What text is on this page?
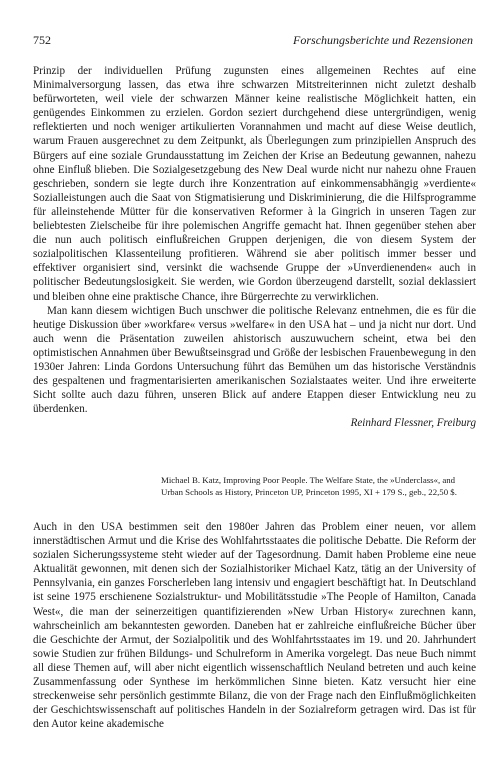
752	Forschungsberichte und Rezensionen

Prinzip der individuellen Prüfung zugunsten eines allgemeinen Rechtes auf eine Minimalversorgung lassen, das etwa ihre schwarzen Mitstreiterinnen nicht zuletzt deshalb befürworteten, weil viele der schwarzen Männer keine realistische Möglichkeit hatten, ein genügendes Einkommen zu erzielen. Gordon seziert durchgehend diese untergründigen, wenig reflektierten und noch weniger artikulierten Vorannahmen und macht auf diese Weise deutlich, warum Frauen ausgerechnet zu dem Zeitpunkt, als Überlegungen zum prinzipiellen Anspruch des Bürgers auf eine soziale Grundausstattung im Zeichen der Krise an Bedeutung gewannen, nahezu ohne Einfluß blieben. Die Sozialgesetzgebung des New Deal wurde nicht nur nahezu ohne Frauen geschrieben, sondern sie legte durch ihre Konzentration auf einkommensabhängig »verdiente« Sozialleistungen auch die Saat von Stigmatisierung und Diskriminierung, die die Hilfsprogramme für alleinstehende Mütter für die konservativen Reformer à la Gingrich in unseren Tagen zur beliebtesten Zielscheibe für ihre polemischen Angriffe gemacht hat. Ihnen gegenüber stehen aber die nun auch politisch einflußreichen Gruppen derjenigen, die von diesem System der sozialpolitischen Klassenteilung profitieren. Während sie aber politisch immer besser und effektiver organisiert sind, versinkt die wachsende Gruppe der »Unverdienenden« auch in politischer Bedeutungslosigkeit. Sie werden, wie Gordon überzeugend darstellt, sozial deklassiert und bleiben ohne eine praktische Chance, ihre Bürgerrechte zu verwirklichen.

Man kann diesem wichtigen Buch unschwer die politische Relevanz entnehmen, die es für die heutige Diskussion über »workfare« versus »welfare« in den USA hat – und ja nicht nur dort. Und auch wenn die Präsentation zuweilen ahistorisch auszuwuchern scheint, etwa bei den optimistischen Annahmen über Bewußtseinsgrad und Größe der lesbischen Frauenbewegung in den 1930er Jahren: Linda Gordons Untersuchung führt das Bemühen um das historische Verständnis des gespaltenen und fragmentarisierten amerikanischen Sozialstaates weiter. Und ihre erweiterte Sicht sollte auch dazu führen, unseren Blick auf andere Etappen dieser Entwicklung neu zu überdenken.

Reinhard Flessner, Freiburg

Michael B. Katz, Improving Poor People. The Welfare State, the »Underclass«, and Urban Schools as History, Princeton UP, Princeton 1995, XI + 179 S., geb., 22,50 $.

Auch in den USA bestimmen seit den 1980er Jahren das Problem einer neuen, vor allem innerstädtischen Armut und die Krise des Wohlfahrtsstaates die politische Debatte. Die Reform der sozialen Sicherungssysteme steht wieder auf der Tagesordnung. Damit haben Probleme eine neue Aktualität gewonnen, mit denen sich der Sozialhistoriker Michael Katz, tätig an der University of Pennsylvania, ein ganzes Forscherleben lang intensiv und engagiert beschäftigt hat. In Deutschland ist seine 1975 erschienene Sozialstruktur- und Mobilitätsstudie »The People of Hamilton, Canada West«, die man der seinerzeitigen quantifizierenden »New Urban History« zurechnen kann, wahrscheinlich am bekanntesten geworden. Daneben hat er zahlreiche einflußreiche Bücher über die Geschichte der Armut, der Sozialpolitik und des Wohlfahrtsstaates im 19. und 20. Jahrhundert sowie Studien zur frühen Bildungs- und Schulreform in Amerika vorgelegt. Das neue Buch nimmt all diese Themen auf, will aber nicht eigentlich wissenschaftlich Neuland betreten und auch keine Zusammenfassung oder Synthese im herkömmlichen Sinne bieten. Katz versucht hier eine streckenweise sehr persönlich gestimmte Bilanz, die von der Frage nach den Einflußmöglichkeiten der Geschichtswissenschaft auf politisches Handeln in der Sozialreform getragen wird. Das ist für den Autor keine akademische
